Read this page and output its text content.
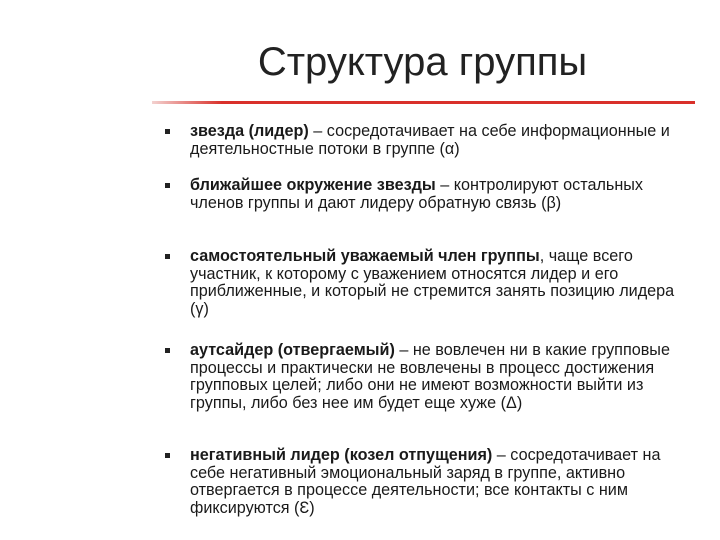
Структура группы
звезда (лидер) – сосредотачивает на себе информационные и деятельностные потоки в группе (α)
ближайшее окружение звезды – контролируют остальных членов группы и дают лидеру обратную связь (β)
самостоятельный уважаемый член группы, чаще всего участник, к которому с уважением относятся лидер и его приближенные, и который не стремится занять позицию лидера (γ)
аутсайдер (отвергаемый) – не вовлечен ни в какие групповые процессы и практически не вовлечены в процесс достижения групповых целей; либо они не имеют возможности выйти из группы, либо без нее им будет еще хуже (Δ)
негативный лидер (козел отпущения) – сосредотачивает на себе негативный эмоциональный заряд в группе, активно отвергается в процессе деятельности; все контакты с ним фиксируются (Ɛ)
